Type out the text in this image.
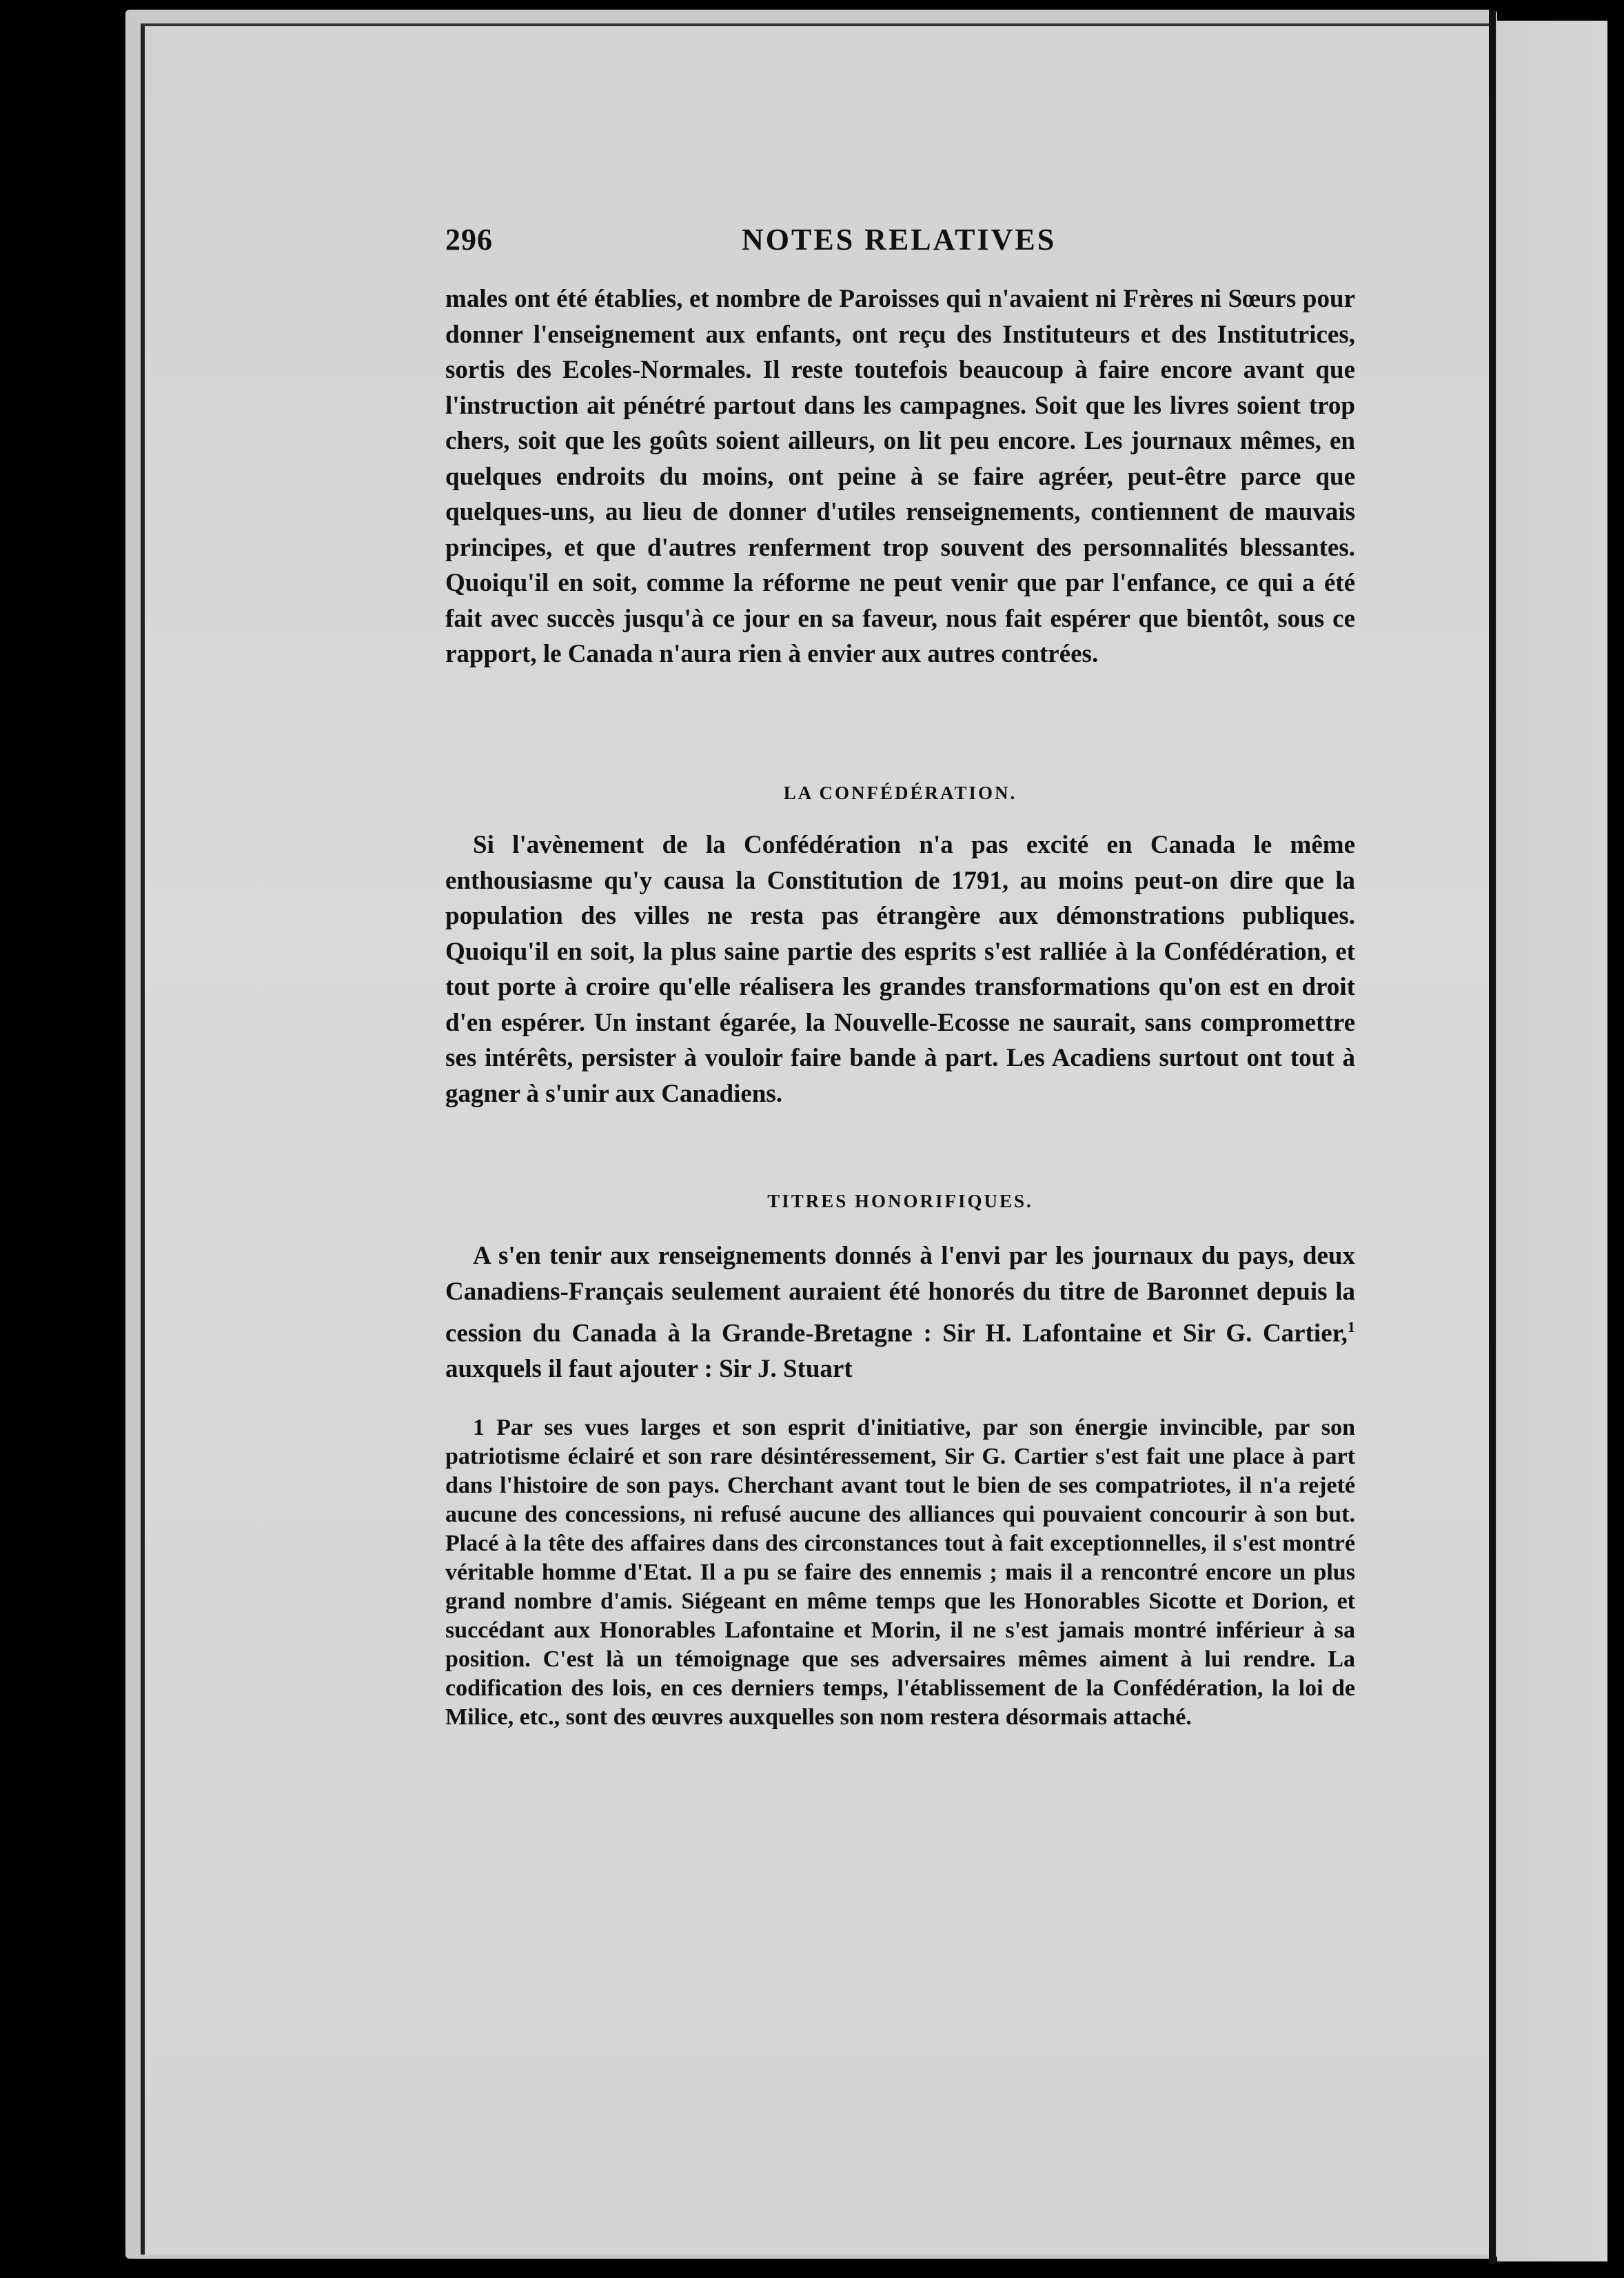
296	NOTES RELATIVES

males ont été établies, et nombre de Paroisses qui n'avaient ni Frères ni Sœurs pour donner l'enseignement aux enfants, ont reçu des Instituteurs et des Institutrices, sortis des Ecoles-Normales. Il reste toutefois beaucoup à faire encore avant que l'instruction ait pénétré partout dans les campagnes. Soit que les livres soient trop chers, soit que les goûts soient ailleurs, on lit peu encore. Les journaux mêmes, en quelques endroits du moins, ont peine à se faire agréer, peut-être parce que quelques-uns, au lieu de donner d'utiles renseignements, contiennent de mauvais principes, et que d'autres renferment trop souvent des personnalités blessantes. Quoiqu'il en soit, comme la réforme ne peut venir que par l'enfance, ce qui a été fait avec succès jusqu'à ce jour en sa faveur, nous fait espérer que bientôt, sous ce rapport, le Canada n'aura rien à envier aux autres contrées.

LA CONFÉDÉRATION.

Si l'avènement de la Confédération n'a pas excité en Canada le même enthousiasme qu'y causa la Constitution de 1791, au moins peut-on dire que la population des villes ne resta pas étrangère aux démonstrations publiques. Quoiqu'il en soit, la plus saine partie des esprits s'est ralliée à la Confédération, et tout porte à croire qu'elle réalisera les grandes transformations qu'on est en droit d'en espérer. Un instant égarée, la Nouvelle-Ecosse ne saurait, sans compromettre ses intérêts, persister à vouloir faire bande à part. Les Acadiens surtout ont tout à gagner à s'unir aux Canadiens.

TITRES HONORIFIQUES.

A s'en tenir aux renseignements donnés à l'envi par les journaux du pays, deux Canadiens-Français seulement auraient été honorés du titre de Baronnet depuis la cession du Canada à la Grande-Bretagne : Sir H. Lafontaine et Sir G. Cartier,$^1$ auxquels il faut ajouter : Sir J. Stuart

1 Par ses vues larges et son esprit d'initiative, par son énergie invincible, par son patriotisme éclairé et son rare désintéressement, Sir G. Cartier s'est fait une place à part dans l'histoire de son pays. Cherchant avant tout le bien de ses compatriotes, il n'a rejeté aucune des concessions, ni refusé aucune des alliances qui pouvaient concourir à son but. Placé à la tête des affaires dans des circonstances tout à fait exceptionnelles, il s'est montré véritable homme d'Etat. Il a pu se faire des ennemis ; mais il a rencontré encore un plus grand nombre d'amis. Siégeant en même temps que les Honorables Sicotte et Dorion, et succédant aux Honorables Lafontaine et Morin, il ne s'est jamais montré inférieur à sa position. C'est là un témoignage que ses adversaires mêmes aiment à lui rendre. La codification des lois, en ces derniers temps, l'établissement de la Confédération, la loi de Milice, etc., sont des œuvres auxquelles son nom restera désormais attaché.
